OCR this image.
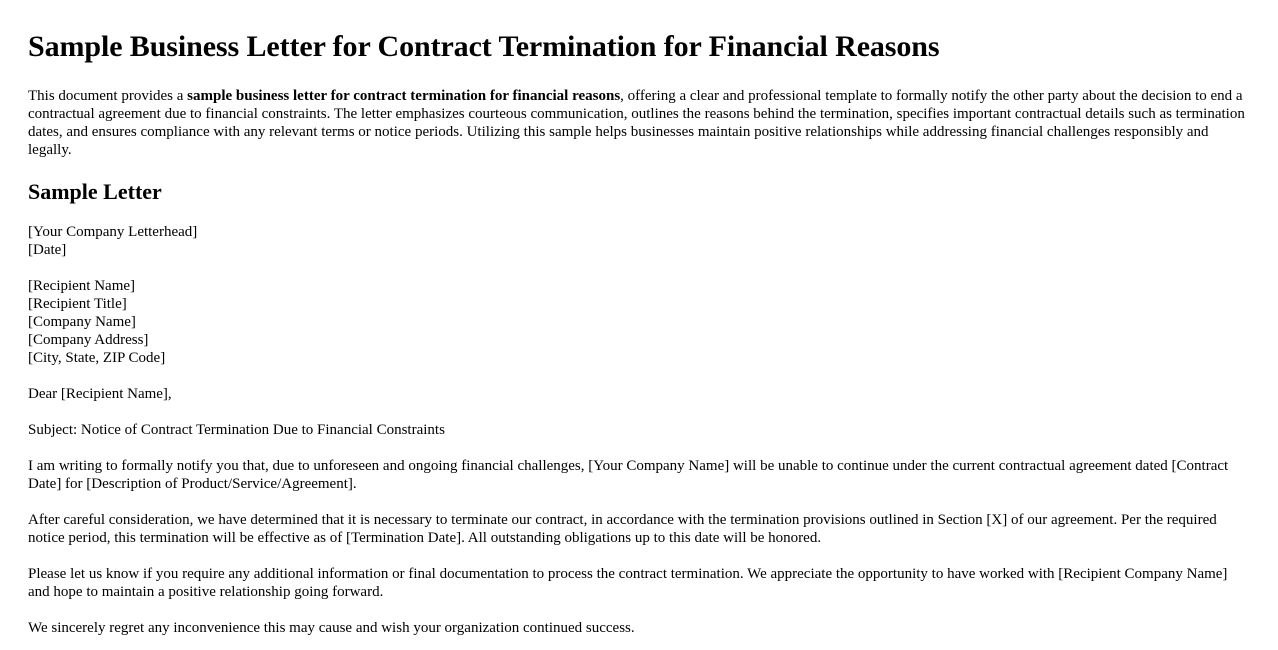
Sample Business Letter for Contract Termination for Financial Reasons

This document provides a sample business letter for contract termination for financial reasons, offering a clear and professional template to formally notify the other party about the decision to end a contractual agreement due to financial constraints. The letter emphasizes courteous communication, outlines the reasons behind the termination, specifies important contractual details such as termination dates, and ensures compliance with any relevant terms or notice periods. Utilizing this sample helps businesses maintain positive relationships while addressing financial challenges responsibly and legally.

Sample Letter

[Your Company Letterhead]
[Date]

[Recipient Name]
[Recipient Title]
[Company Name]
[Company Address]
[City, State, ZIP Code]

Dear [Recipient Name],

Subject: Notice of Contract Termination Due to Financial Constraints

I am writing to formally notify you that, due to unforeseen and ongoing financial challenges, [Your Company Name] will be unable to continue under the current contractual agreement dated [Contract Date] for [Description of Product/Service/Agreement].

After careful consideration, we have determined that it is necessary to terminate our contract, in accordance with the termination provisions outlined in Section [X] of our agreement. Per the required notice period, this termination will be effective as of [Termination Date]. All outstanding obligations up to this date will be honored.

Please let us know if you require any additional information or final documentation to process the contract termination. We appreciate the opportunity to have worked with [Recipient Company Name] and hope to maintain a positive relationship going forward.

We sincerely regret any inconvenience this may cause and wish your organization continued success.
